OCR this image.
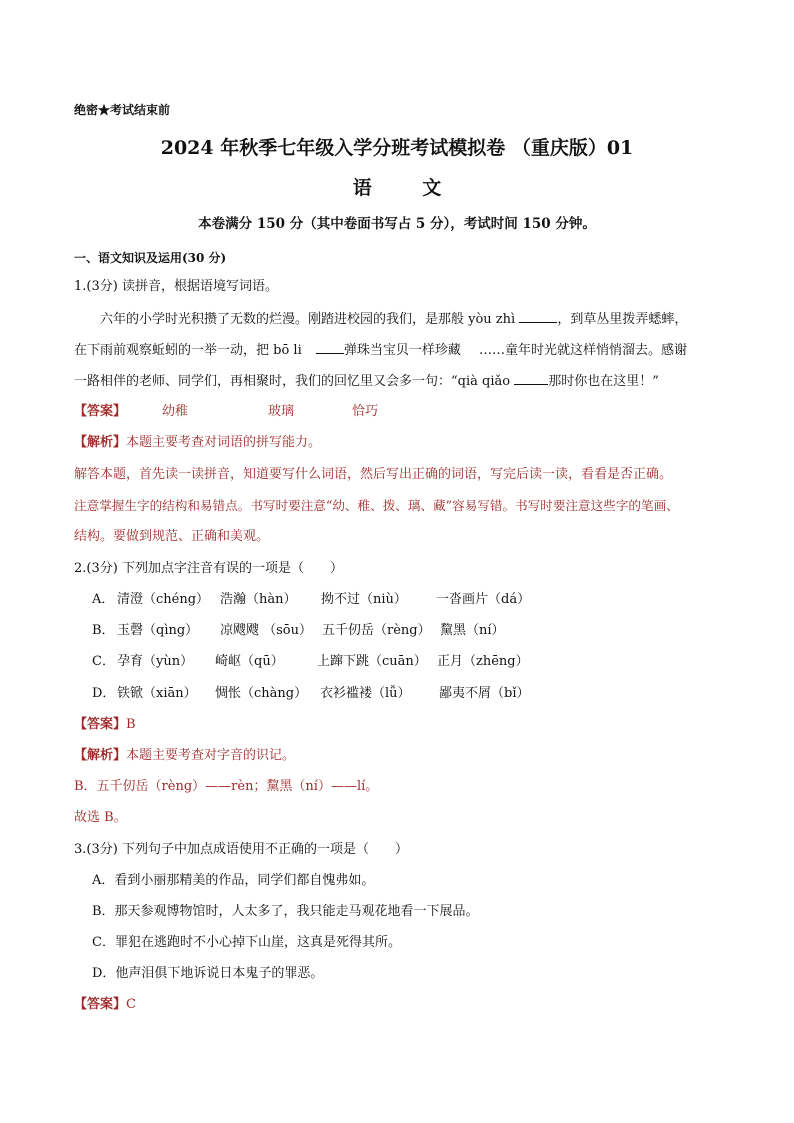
绝密★考试结束前
2024 年秋季七年级入学分班考试模拟卷 （重庆版）01
语 文
本卷满分 150 分（其中卷面书写占 5 分），考试时间 150 分钟。
一、语文知识及运用(30 分)
1.(3分) 读拼音，根据语境写词语。
六年的小学时光积攒了无数的烂漫。刚踏进校园的我们，是那般 yòu zhì	，到草丛里拨弄蟋蟀，
在下雨前观察蚯蚓的一举一动，把 bō li	弹珠当宝贝一样珍藏 ……童年时光就这样悄悄溜去。感谢
一路相伴的老师、同学们，再相聚时，我们的回忆里又会多一句：“qià qiǎo	那时你也在这里！”
【答案】	幼稚	玻璃	恰巧
【解析】本题主要考查对词语的拼写能力。
解答本题，首先读一读拼音，知道要写什么词语，然后写出正确的词语，写完后读一读，看看是否正确。
注意掌握生字的结构和易错点。书写时要注意“幼、稚、拨、璃、藏”容易写错。书写时要注意这些字的笔画、
结构。要做到规范、正确和美观。
2.(3分) 下列加点字注音有误的一项是（　　）
A． 清澄（chéng） 浩瀚（hàn） 拗不过（niù） 一沓画片（dá）
B． 玉磬（qìng） 凉飕飕 （sōu） 五千仞岳（rèng） 黧黑（ní）
C． 孕育（yùn） 崎岖（qū）	上蹿下跳（cuān） 正月（zhēng）
D． 铁锨（xiān） 惆怅（chàng） 衣衫褴褛（lǚ） 鄙夷不屑（bǐ）
【答案】B
【解析】本题主要考查对字音的识记。
B．五千仞岳（rèng）——rèn；黧黑（ní）——lí。
故选 B。
3.(3分) 下列句子中加点成语使用不正确的一项是（　　）
A．看到小丽那精美的作品，同学们都自愧弗如。
B．那天参观博物馆时，人太多了，我只能走马观花地看一下展品。
C．罪犯在逃跑时不小心掉下山崖，这真是死得其所。
D．他声泪俱下地诉说日本鬼子的罪恶。
【答案】C
